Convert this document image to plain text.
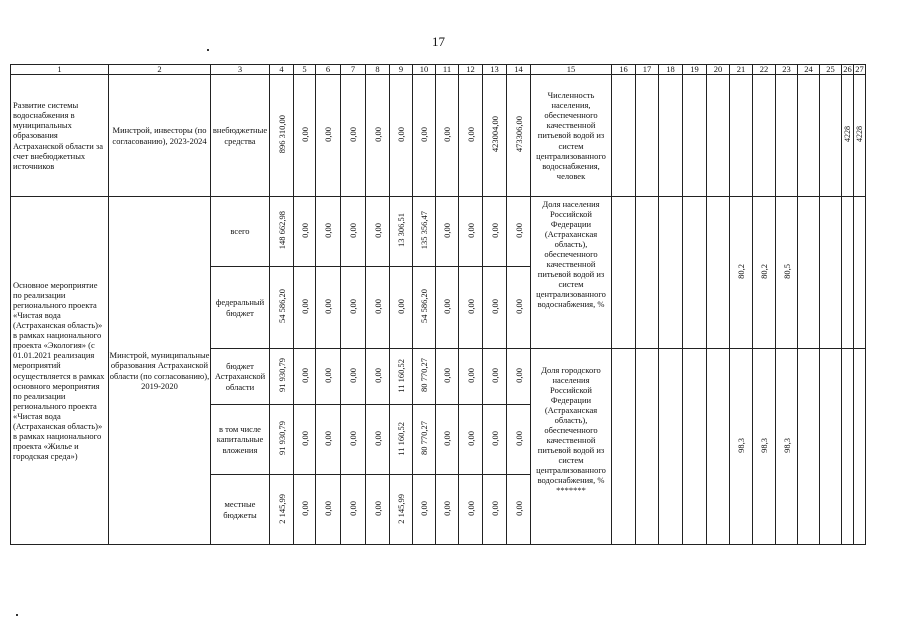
17
1	2	3	4	5	6	7	8	9	10	11	12	13	14	15	16	17	18	19	20	21	22	23	24	25	26	27
Развитие системы водоснабжения в муниципальных образования Астраханской области за счет внебюджетных источников	Минстрой, инвесторы (по согласованию), 2023-2024	внебюджетные средства	896 310,00	0,00	0,00	0,00	0,00	0,00	0,00	0,00	0,00	423004,00	473306,00	Численность населения, обеспеченного качественной питьевой водой из систем централизованного водоснабжения, человек											4228	4228
Основное мероприятие по реализации регионального проекта «Чистая вода (Астраханская область)» в рамках национального проекта «Экология» (с 01.01.2021 реализация мероприятий осуществляется в рамках основного мероприятия по реализации регионального проекта «Чистая вода (Астраханская область)» в рамках национального проекта «Жилье и городская среда»)	Минстрой, муниципальные образования Астраханской области (по согласованию), 2019-2020	всего	148 662,98	0,00	0,00	0,00	0,00	13 306,51	135 356,47	0,00	0,00	0,00	0,00	Доля населения Российской Федерации (Астраханская область), обеспеченного качественной питьевой водой из систем централизованного водоснабжения, %						80,2	80,2	80,5				
		федеральный бюджет	54 586,20	0,00	0,00	0,00	0,00	0,00	54 586,20	0,00	0,00	0,00	0,00													
		бюджет Астраханской области	91 930,79	0,00	0,00	0,00	0,00	11 160,52	80 770,27	0,00	0,00	0,00	0,00	Доля городского населения Российской Федерации (Астраханская область), обеспеченного качественной питьевой водой из систем централизованного водоснабжения, % *******						98,3	98,3	98,3				
		в том числе капитальные вложения	91 930,79	0,00	0,00	0,00	0,00	11 160,52	80 770,27	0,00	0,00	0,00	0,00													
		местные бюджеты	2 145,99	0,00	0,00	0,00	0,00	2 145,99	0,00	0,00	0,00	0,00	0,00													
